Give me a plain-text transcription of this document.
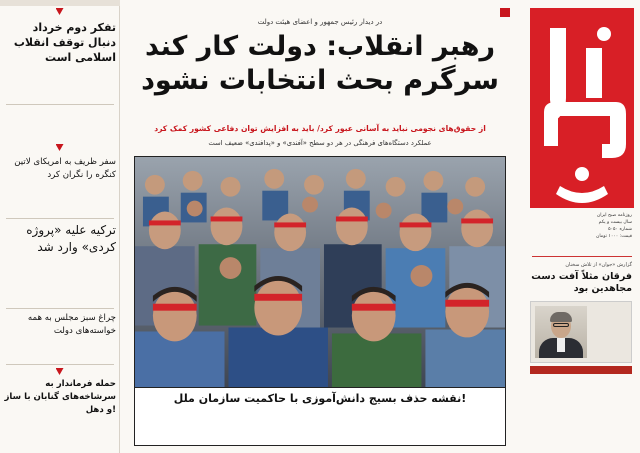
تفکر دوم خرداد دنبال توقف انقلاب اسلامی است
سفر ظریف به امریکای لاتین کنگره را نگران کرد
ترکیه علیه «پروژه کردی» وارد شد
چراغ سبز مجلس به همه خواسته‌های دولت
حمله فرماندار به سرشاخه‌های گنابان با ساز و دهل!
در دیدار رئیس جمهور و اعضای هیئت دولت
رهبر انقلاب: دولت کار کند
سرگرم بحث انتخابات نشود
از حقوق‌های نجومی نباید به آسانی عبور کرد/ باید به افزایش توان دفاعی کشور کمک کرد
عملکرد دستگاه‌های فرهنگی در هر دو سطح «آفندی» و «پدافندی» ضعیف است
نقشه حذف بسیج دانش‌آموزی با حاکمیت سازمان ملل!
روزنامه صبح ایران
سال بیست و یکم
شماره ۵۰۵۰
قیمت: ۱۰۰۰ تومان
گزارش «جوان» از تلاش سخنان
فرقان مثلاً آفت دست مجاهدین بود
